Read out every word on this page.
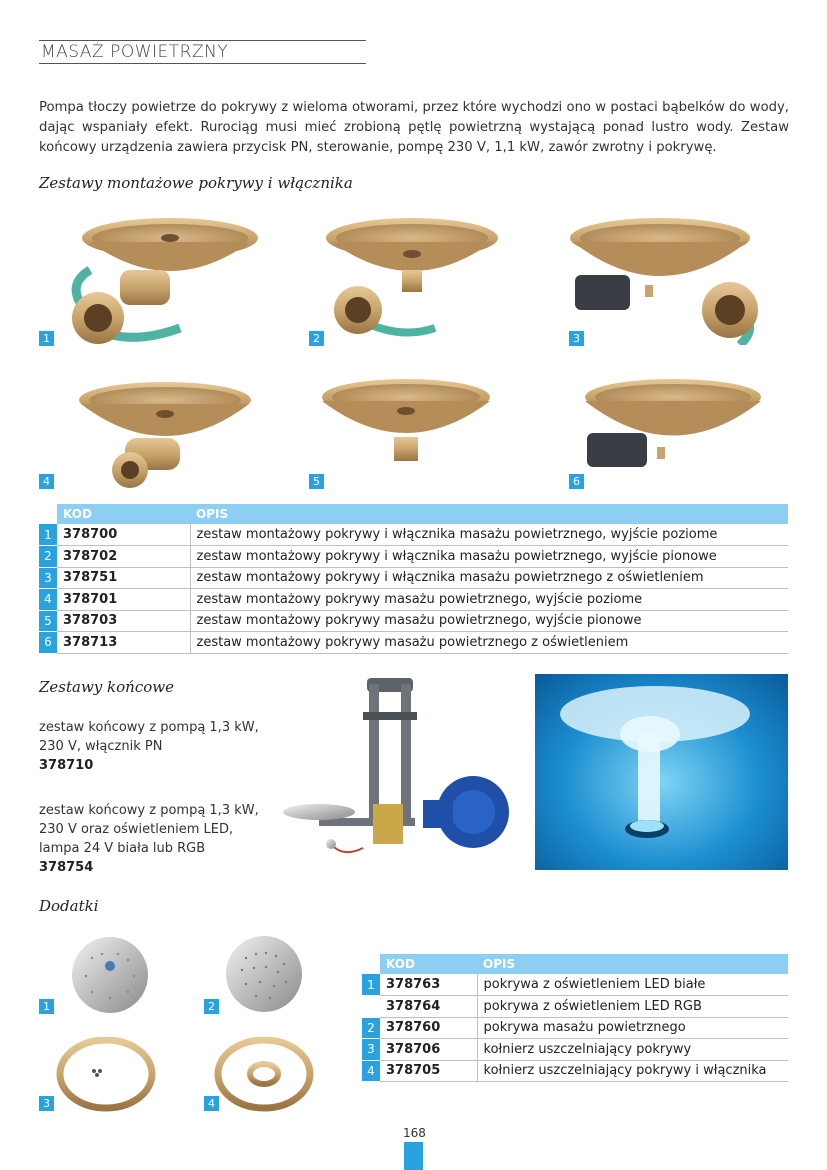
MASAŻ POWIETRZNY

Pompa tłoczy powietrze do pokrywy z wieloma otworami, przez które wychodzi ono w postaci bąbelków do wody, dając wspaniały efekt. Rurociąg musi mieć zrobioną pętlę powietrzną wystającą ponad lustro wody. Zestaw końcowy urządzenia zawiera przycisk PN, sterowanie, pompę 230 V, 1,1 kW, zawór zwrotny i pokrywę.

Zestawy montażowe pokrywy i włącznika
1	2	3
4	5	6
	KOD	OPIS
1	378700	zestaw montażowy pokrywy i włącznika masażu powietrznego, wyjście poziome
2	378702	zestaw montażowy pokrywy i włącznika masażu powietrznego, wyjście pionowe
3	378751	zestaw montażowy pokrywy i włącznika masażu powietrznego z oświetleniem
4	378701	zestaw montażowy pokrywy masażu powietrznego, wyjście poziome
5	378703	zestaw montażowy pokrywy masażu powietrznego, wyjście pionowe
6	378713	zestaw montażowy pokrywy masażu powietrznego z oświetleniem
Zestawy końcowe
zestaw końcowy z pompą 1,3 kW,
230 V, włącznik PN
378710
zestaw końcowy z pompą 1,3 kW,
230 V oraz oświetleniem LED,
lampa 24 V biała lub RGB
378754
Dodatki
1	2
3	4
	KOD	OPIS
1	378763	pokrywa z oświetleniem LED białe
	378764	pokrywa z oświetleniem LED RGB
2	378760	pokrywa masażu powietrznego
3	378706	kołnierz uszczelniający pokrywy
4	378705	kołnierz uszczelniający pokrywy i włącznika
168
